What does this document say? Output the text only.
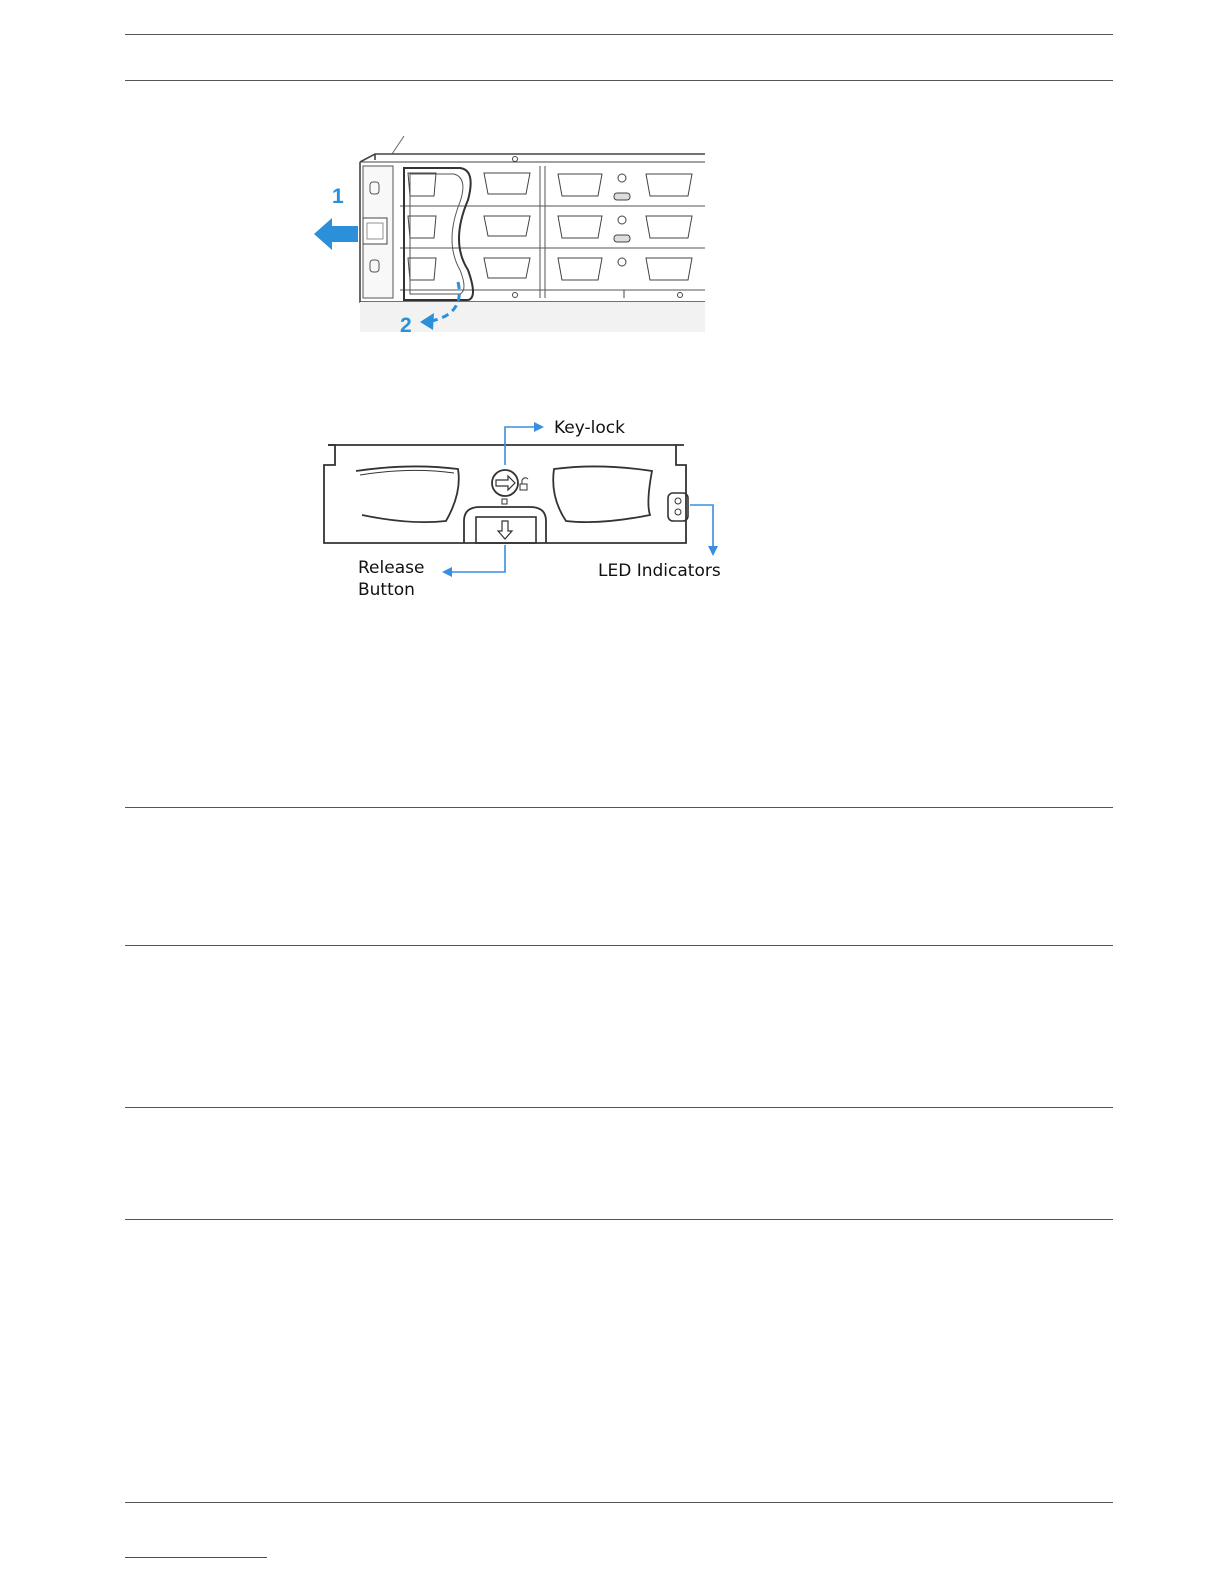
1
2
Key-lock
Release
Button
LED Indicators
